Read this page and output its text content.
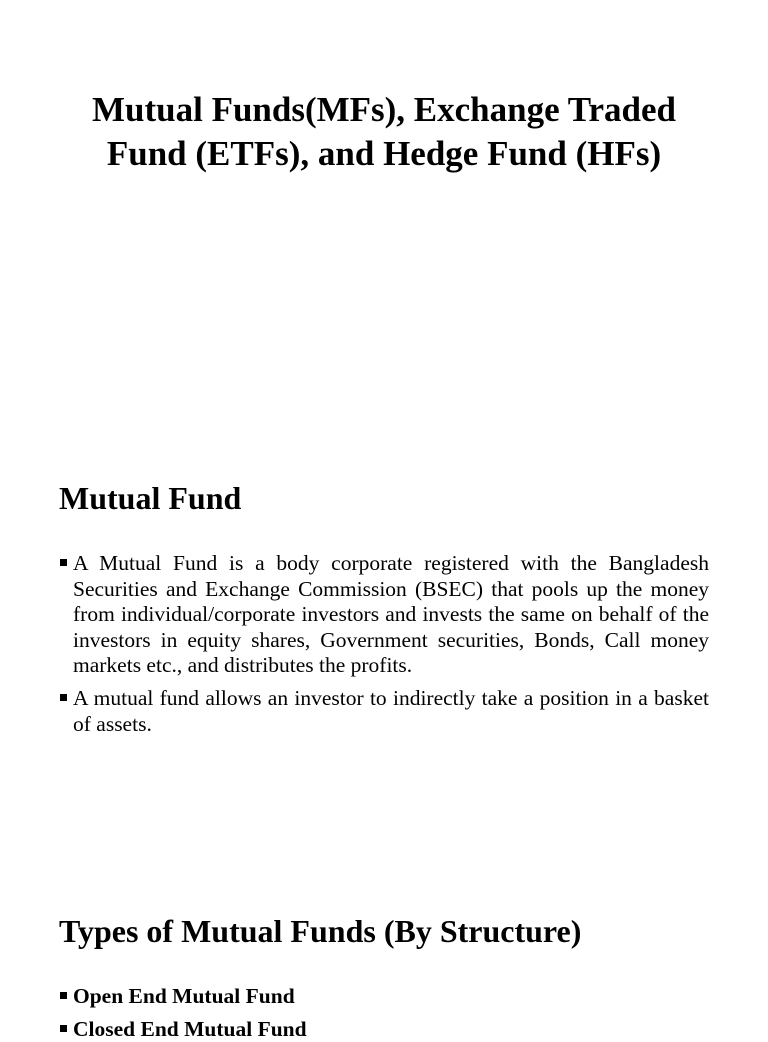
Mutual Funds(MFs), Exchange Traded Fund (ETFs), and Hedge Fund (HFs)
Mutual Fund
A Mutual Fund is a body corporate registered with the Bangladesh Securities and Exchange Commission (BSEC) that pools up the money from individual/corporate investors and invests the same on behalf of the investors in equity shares, Government securities, Bonds, Call money markets etc., and distributes the profits.
A mutual fund allows an investor to indirectly take a position in a basket of assets.
Types of Mutual Funds (By Structure)
Open End Mutual Fund
Closed End Mutual Fund
